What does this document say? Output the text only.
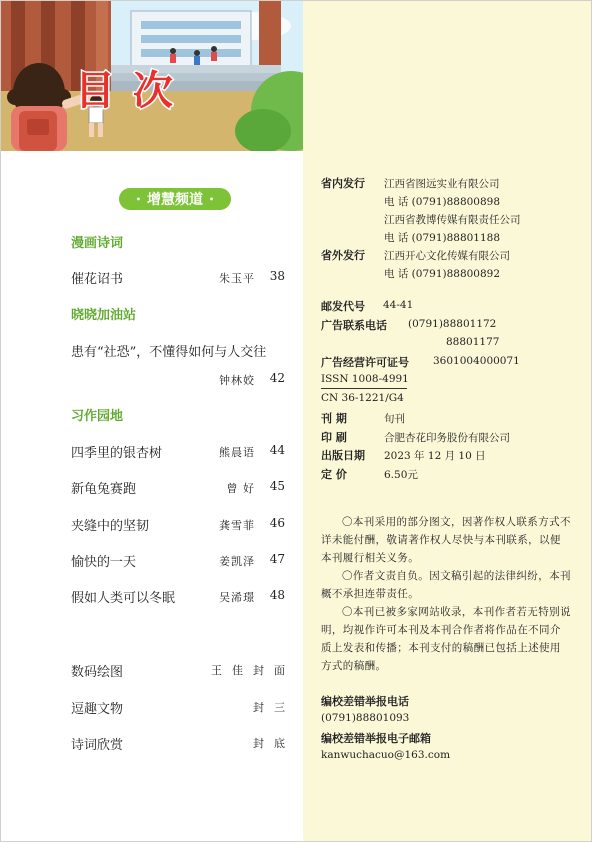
目 次
• 增慧频道 •
漫画诗词
催花诏书	朱玉平 38
晓晓加油站
患有“社恐”，不懂得如何与人交往
钟林姣 42
习作园地
四季里的银杏树	熊晨语 44
新龟兔赛跑	曾 好 45
夹缝中的坚韧	龚雪菲 46
愉快的一天	姜凯泽 47
假如人类可以冬眠	吴浠璟 48
数码绘图	王佳封面
逗趣文物	封三
诗词欣赏	封底
省内发行 江西省图远实业有限公司
电 话 (0791)88800898
江西省教博传媒有限责任公司
电 话 (0791)88801188
省外发行 江西开心文化传媒有限公司
电 话 (0791)88800892
邮发代号 44-41
广告联系电话 (0791)88801172
88801177
广告经营许可证号 3601004000071
ISSN 1008-4991
CN 36-1221/G4
刊 期	旬刊
印 刷	合肥杏花印务股份有限公司
出版日期 2023 年 12 月 10 日
定 价	6.50元
〇本刊采用的部分图文，因著作权人联系方式不详未能付酬，敬请著作权人尽快与本刊联系，以便本刊履行相关义务。
〇作者文责自负。因文稿引起的法律纠纷，本刊概不承担连带责任。
〇本刊已被多家网站收录，本刊作者若无特别说明，均视作许可本刊及本刊合作者将作品在不同介质上发表和传播；本刊支付的稿酬已包括上述使用方式的稿酬。
编校差错举报电话
(0791)88801093
编校差错举报电子邮箱
kanwuchacuo@163.com
